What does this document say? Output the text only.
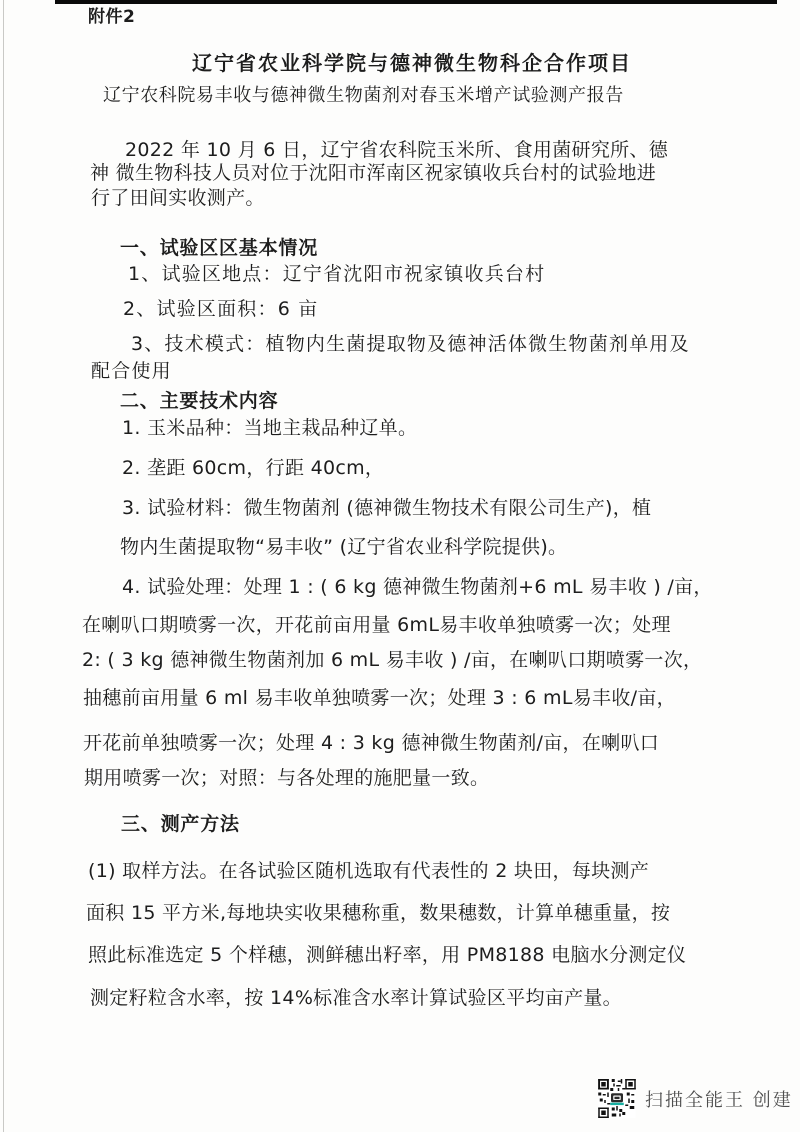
附件2
辽宁省农业科学院与德神微生物科企合作项目
辽宁农科院易丰收与德神微生物菌剂对春玉米增产试验测产报告
2022 年 10 月 6 日，辽宁省农科院玉米所、食用菌研究所、德
神 微生物科技人员对位于沈阳市浑南区祝家镇收兵台村的试验地进
行了田间实收测产。
一、试验区区基本情况
1、试验区地点：辽宁省沈阳市祝家镇收兵台村
2、试验区面积：6 亩
3、技术模式：植物内生菌提取物及德神活体微生物菌剂单用及
配合使用
二、主要技术内容
1. 玉米品种：当地主栽品种辽单。
2. 垄距 60cm，行距 40cm，
3. 试验材料：微生物菌剂 (德神微生物技术有限公司生产)，植
物内生菌提取物“易丰收” (辽宁省农业科学院提供)。
4. 试验处理：处理 1 : ( 6 kg 德神微生物菌剂+6 mL 易丰收 ) /亩，
在喇叭口期喷雾一次，开花前亩用量 6mL易丰收单独喷雾一次；处理
2: ( 3 kg 德神微生物菌剂加 6 mL 易丰收 ) /亩，在喇叭口期喷雾一次，
抽穗前亩用量 6 ml 易丰收单独喷雾一次；处理 3 : 6 mL易丰收/亩，
开花前单独喷雾一次；处理 4 : 3 kg 德神微生物菌剂/亩，在喇叭口
期用喷雾一次；对照：与各处理的施肥量一致。
三、测产方法
(1) 取样方法。在各试验区随机选取有代表性的 2 块田，每块测产
面积 15 平方米,每地块实收果穗称重，数果穗数，计算单穗重量，按
照此标准选定 5 个样穗，测鲜穗出籽率，用 PM8188 电脑水分测定仪
测定籽粒含水率，按 14%标准含水率计算试验区平均亩产量。
扫描全能王 创建
